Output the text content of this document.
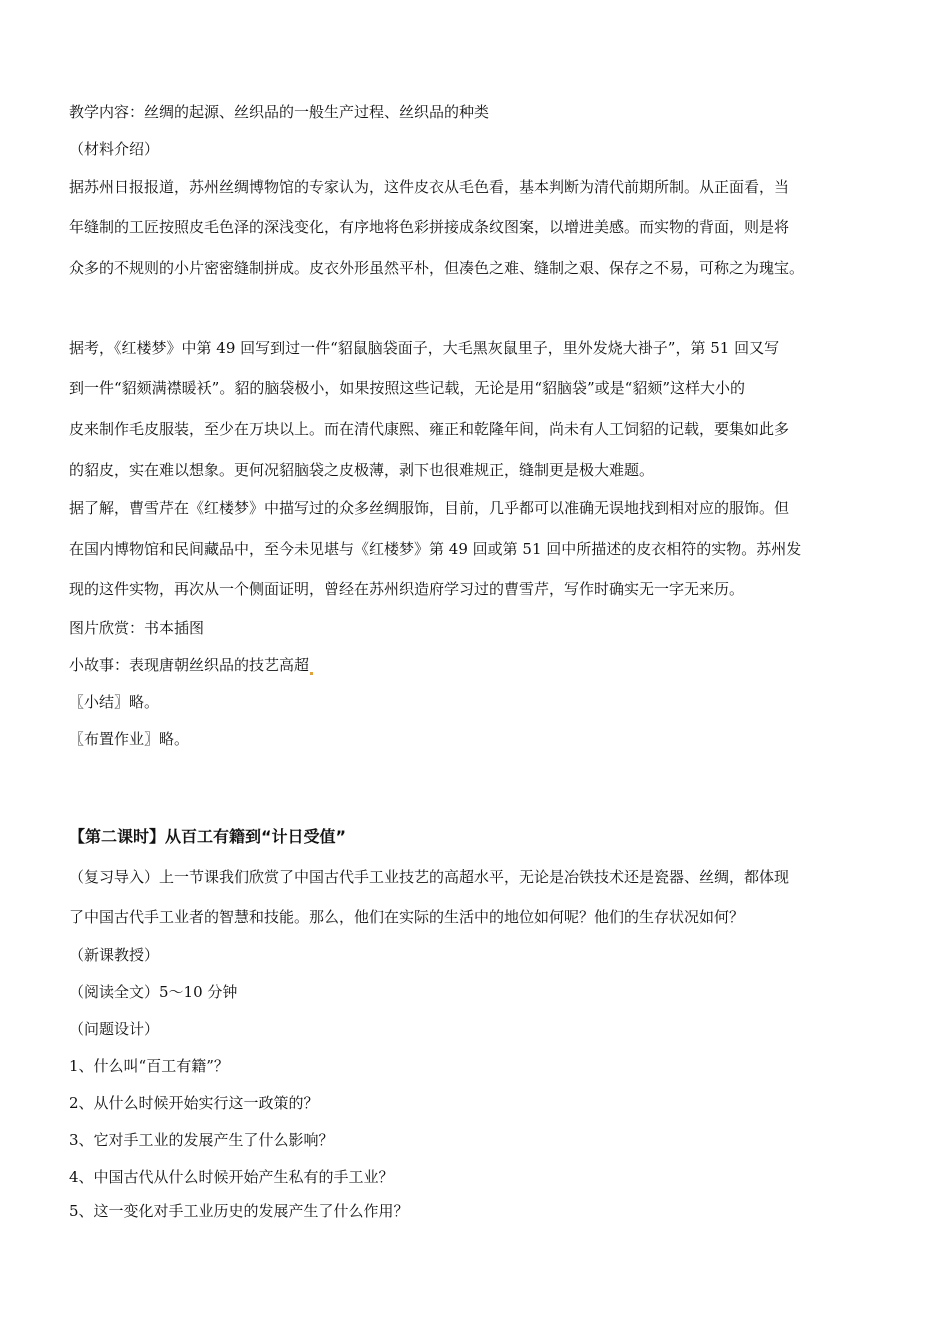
教学内容：丝绸的起源、丝织品的一般生产过程、丝织品的种类
（材料介绍）
据苏州日报报道，苏州丝绸博物馆的专家认为，这件皮衣从毛色看，基本判断为清代前期所制。从正面看，当
年缝制的工匠按照皮毛色泽的深浅变化，有序地将色彩拼接成条纹图案，以增进美感。而实物的背面，则是将
众多的不规则的小片密密缝制拼成。皮衣外形虽然平朴，但凑色之难、缝制之艰、保存之不易，可称之为瑰宝。
据考，《红楼梦》中第 49 回写到过一件“貂鼠脑袋面子，大毛黑灰鼠里子，里外发烧大褂子”，第 51 回又写
到一件“貂颏满襟暖袄”。貂的脑袋极小，如果按照这些记载，无论是用“貂脑袋”或是“貂颏”这样大小的
皮来制作毛皮服装，至少在万块以上。而在清代康熙、雍正和乾隆年间，尚未有人工饲貂的记载，要集如此多
的貂皮，实在难以想象。更何况貂脑袋之皮极薄，剥下也很难规正，缝制更是极大难题。
据了解，曹雪芹在《红楼梦》中描写过的众多丝绸服饰，目前，几乎都可以准确无误地找到相对应的服饰。但
在国内博物馆和民间藏品中，至今未见堪与《红楼梦》第 49 回或第 51 回中所描述的皮衣相符的实物。苏州发
现的这件实物，再次从一个侧面证明，曾经在苏州织造府学习过的曹雪芹，写作时确实无一字无来历。
图片欣赏：书本插图
小故事：表现唐朝丝织品的技艺高超
〖小结〗略。
〖布置作业〗略。
【第二课时】从百工有籍到“计日受值”
（复习导入）上一节课我们欣赏了中国古代手工业技艺的高超水平，无论是冶铁技术还是瓷器、丝绸，都体现
了中国古代手工业者的智慧和技能。那么，他们在实际的生活中的地位如何呢？他们的生存状况如何？
（新课教授）
（阅读全文）5～10 分钟
（问题设计）
1、什么叫“百工有籍”？
2、从什么时候开始实行这一政策的？
3、它对手工业的发展产生了什么影响？
4、中国古代从什么时候开始产生私有的手工业？
5、这一变化对手工业历史的发展产生了什么作用？
